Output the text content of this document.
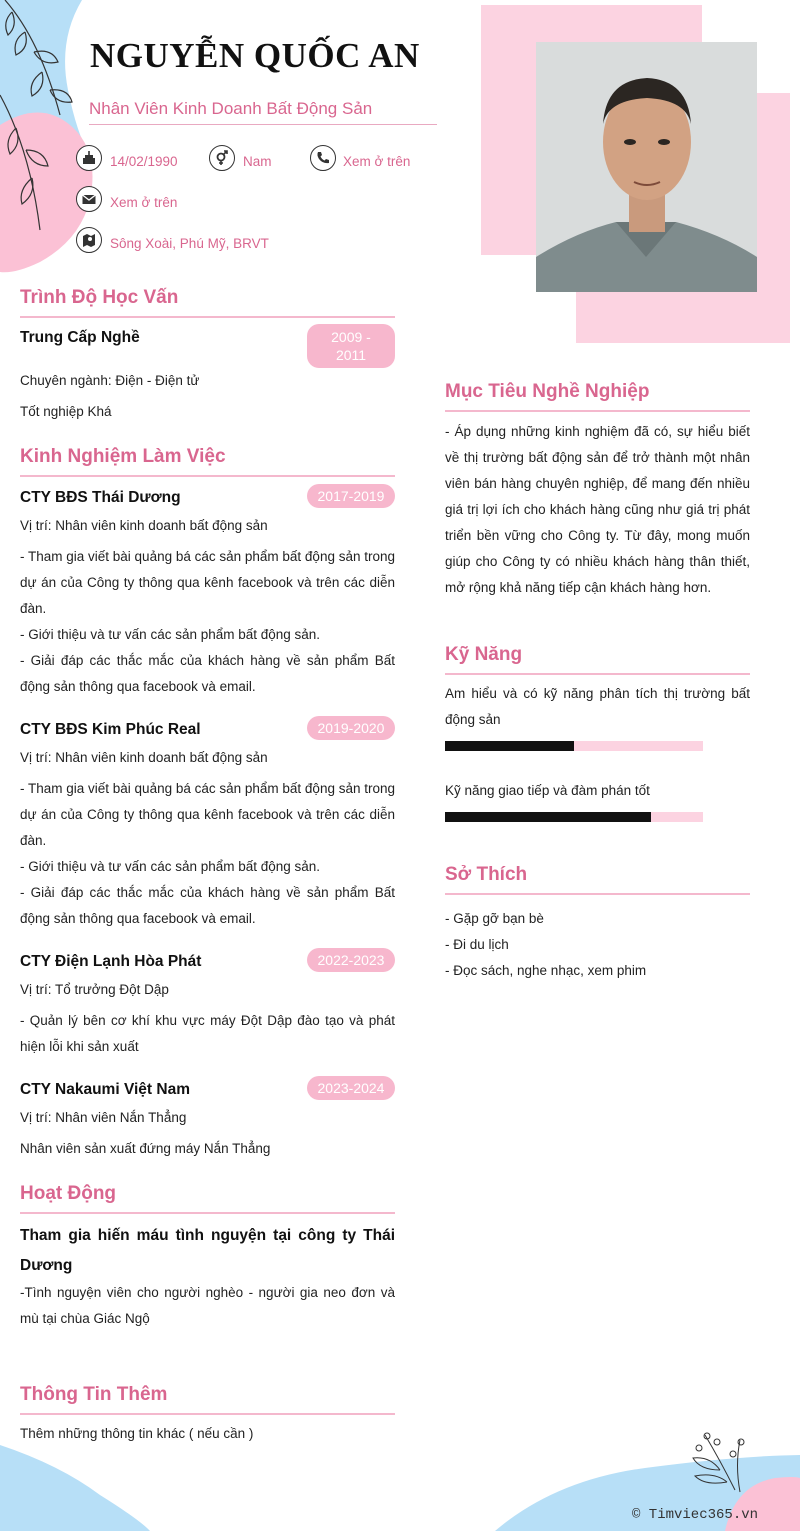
NGUYỄN QUỐC AN
Nhân Viên Kinh Doanh Bất Động Sản
14/02/1990	Nam	Xem ở trên
Xem ở trên
Sông Xoài, Phú Mỹ, BRVT
Trình Độ Học Vấn
Trung Cấp Nghề	2009 -
2011
Chuyên ngành: Điện - Điện tử
Tốt nghiệp Khá
Kinh Nghiệm Làm Việc
CTY BĐS Thái Dương	2017-2019
Vị trí: Nhân viên kinh doanh bất động sản
- Tham gia viết bài quảng bá các sản phẩm bất động sản trong dự án của Công ty thông qua kênh facebook và trên các diễn đàn.
- Giới thiệu và tư vấn các sản phẩm bất động sản.
- Giải đáp các thắc mắc của khách hàng về sản phẩm Bất động sản thông qua facebook và email.
CTY BĐS Kim Phúc Real	2019-2020
Vị trí: Nhân viên kinh doanh bất động sản
- Tham gia viết bài quảng bá các sản phẩm bất động sản trong dự án của Công ty thông qua kênh facebook và trên các diễn đàn.
- Giới thiệu và tư vấn các sản phẩm bất động sản.
- Giải đáp các thắc mắc của khách hàng về sản phẩm Bất động sản thông qua facebook và email.
CTY Điện Lạnh Hòa Phát	2022-2023
Vị trí: Tổ trưởng Đột Dập
- Quản lý bên cơ khí khu vực máy Đột Dập đào tạo và phát hiện lỗi khi sản xuất
CTY Nakaumi Việt Nam	2023-2024
Vị trí: Nhân viên Nắn Thẳng
Nhân viên sản xuất đứng máy Nắn Thẳng
Hoạt Động
Tham gia hiến máu tình nguyện tại công ty Thái Dương
-Tình nguyện viên cho người nghèo - người gia neo đơn và mù tại chùa Giác Ngộ
Thông Tin Thêm
Thêm những thông tin khác ( nếu cần )
Mục Tiêu Nghề Nghiệp
- Áp dụng những kinh nghiệm đã có, sự hiểu biết về thị trường bất động sản để trở thành một nhân viên bán hàng chuyên nghiệp, để mang đến nhiều giá trị lợi ích cho khách hàng cũng như giá trị phát triển bền vững cho Công ty. Từ đây, mong muốn giúp cho Công ty có nhiều khách hàng thân thiết, mở rộng khả năng tiếp cận khách hàng hơn.
Kỹ Năng
Am hiểu và có kỹ năng phân tích thị trường bất động sản
Kỹ năng giao tiếp và đàm phán tốt
Sở Thích
- Gặp gỡ bạn bè
- Đi du lịch
- Đọc sách, nghe nhạc, xem phim
© Timviec365.vn
